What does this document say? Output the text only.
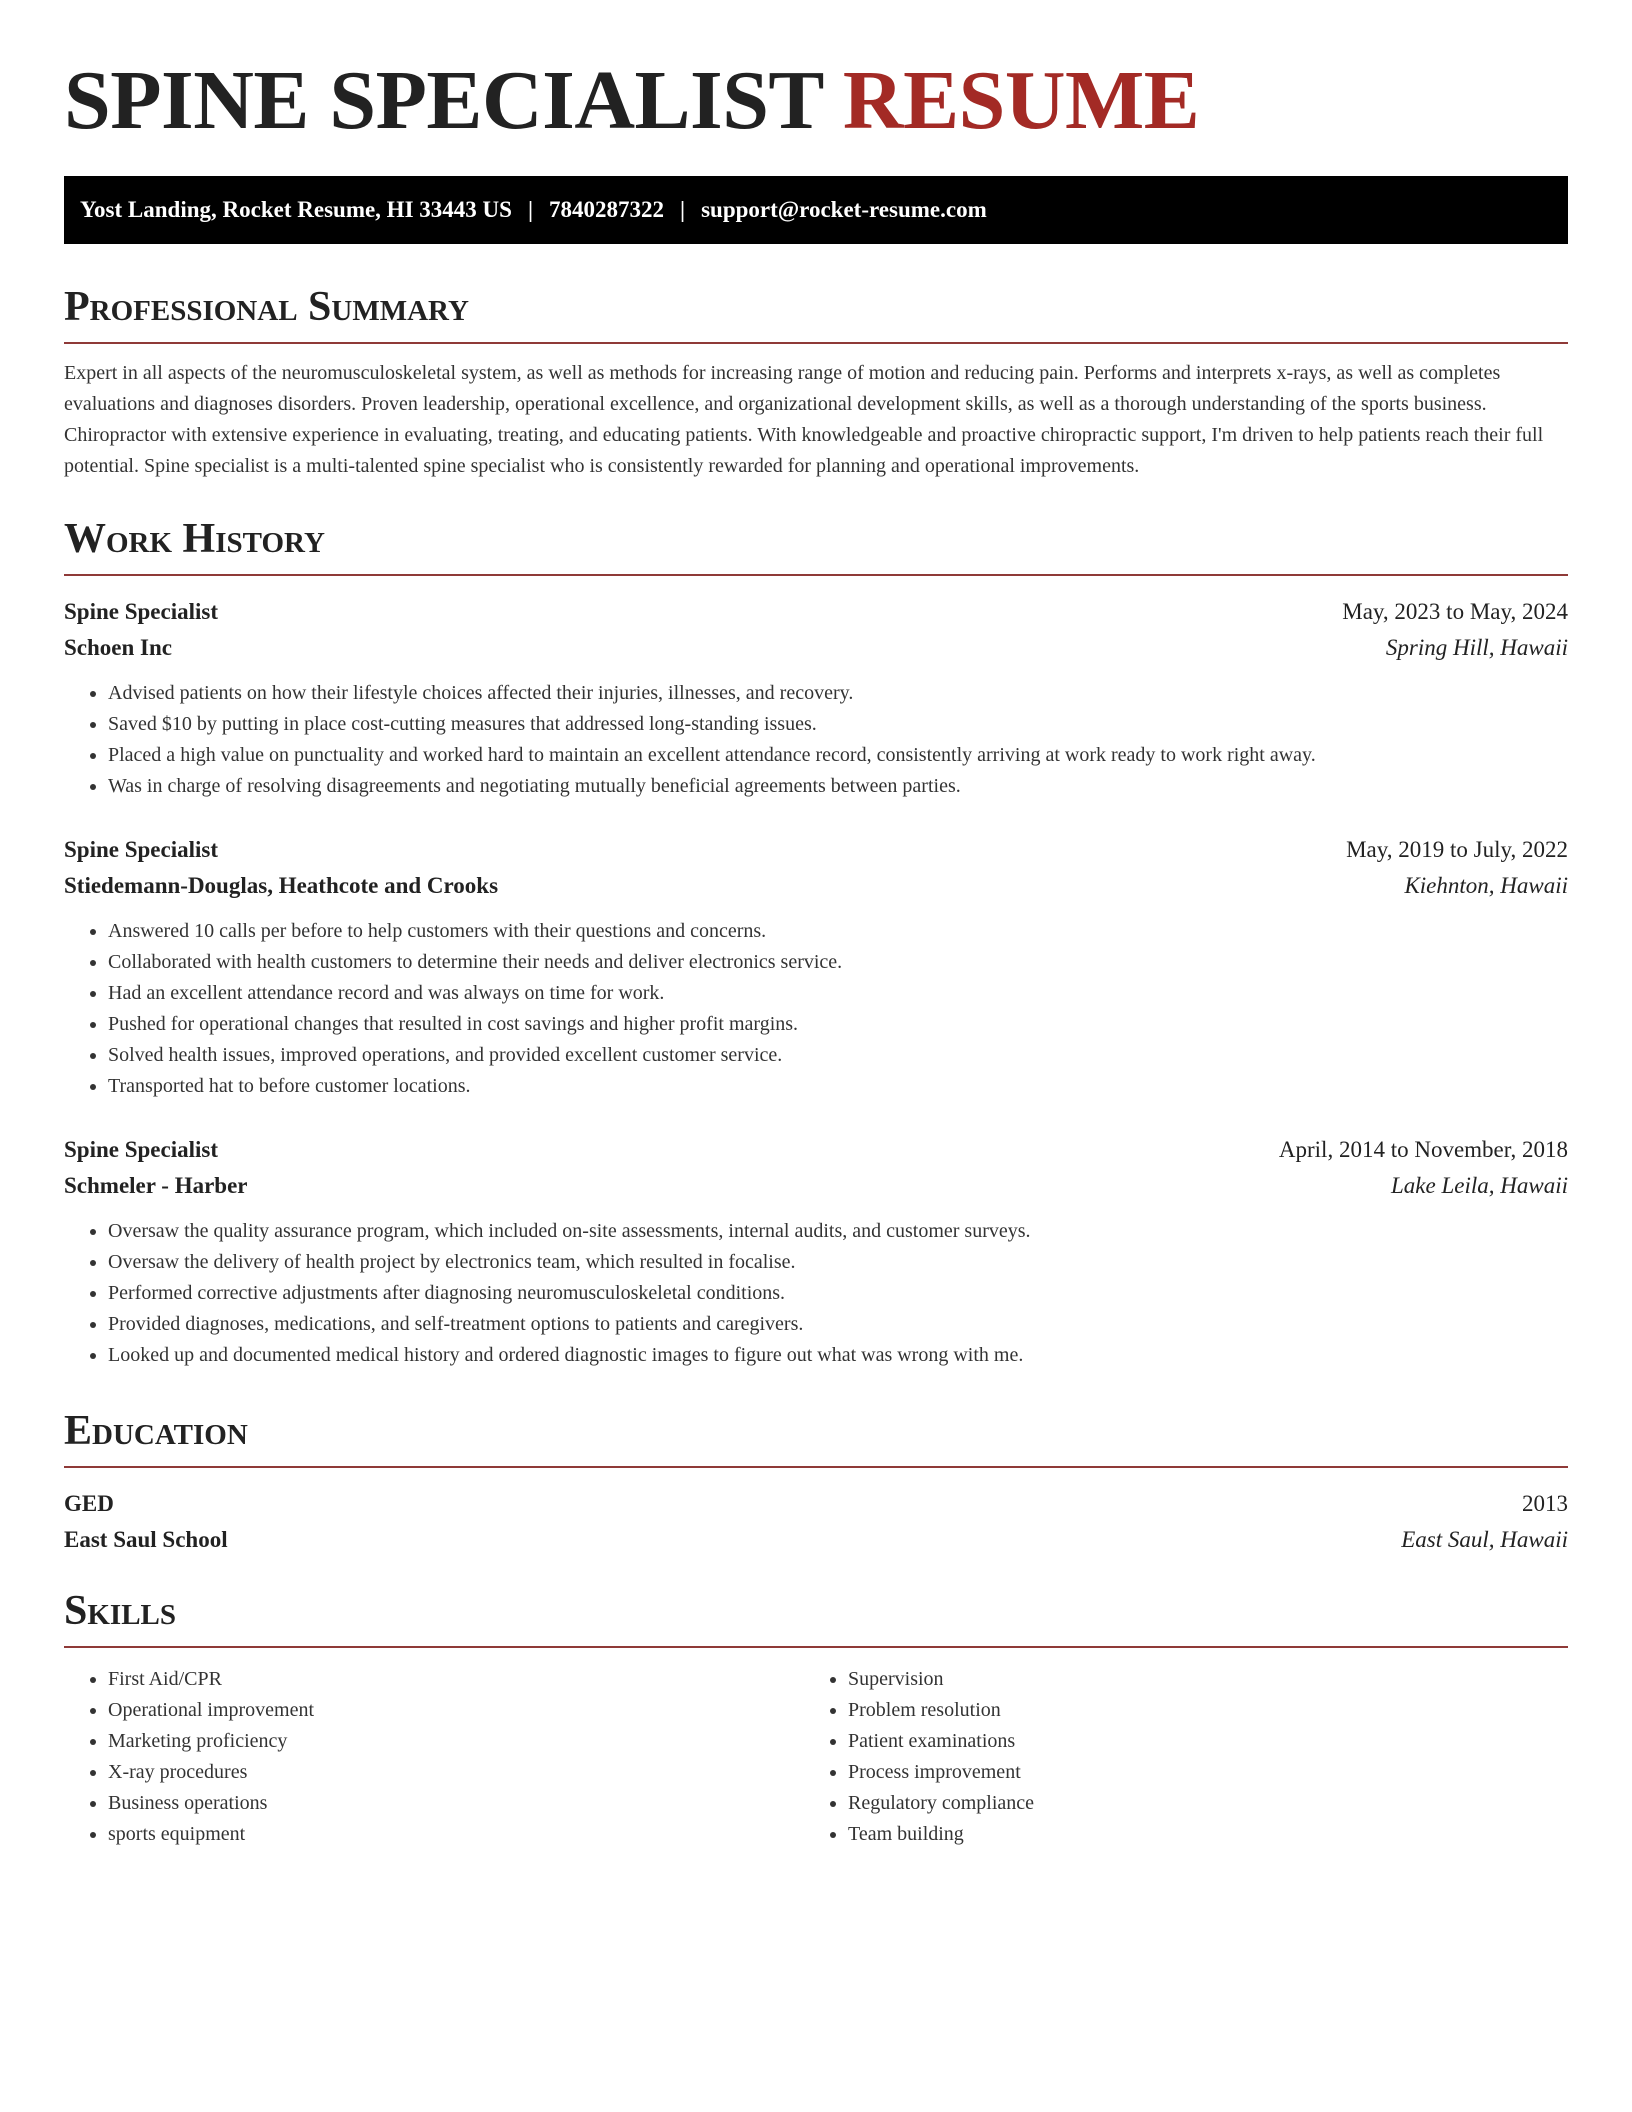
SPINE SPECIALIST RESUME
Yost Landing, Rocket Resume, HI 33443 US | 7840287322 | support@rocket-resume.com
Professional Summary

Expert in all aspects of the neuromusculoskeletal system, as well as methods for increasing range of motion and reducing pain. Performs and interprets x-rays, as well as completes evaluations and diagnoses disorders. Proven leadership, operational excellence, and organizational development skills, as well as a thorough understanding of the sports business. Chiropractor with extensive experience in evaluating, treating, and educating patients. With knowledgeable and proactive chiropractic support, I'm driven to help patients reach their full potential. Spine specialist is a multi-talented spine specialist who is consistently rewarded for planning and operational improvements.

Work History
Spine Specialist	May, 2023 to May, 2024
Schoen Inc	Spring Hill, Hawaii
• Advised patients on how their lifestyle choices affected their injuries, illnesses, and recovery.
• Saved $10 by putting in place cost-cutting measures that addressed long-standing issues.
• Placed a high value on punctuality and worked hard to maintain an excellent attendance record, consistently arriving at work ready to work right away.
• Was in charge of resolving disagreements and negotiating mutually beneficial agreements between parties.
Spine Specialist	May, 2019 to July, 2022
Stiedemann-Douglas, Heathcote and Crooks	Kiehnton, Hawaii
• Answered 10 calls per before to help customers with their questions and concerns.
• Collaborated with health customers to determine their needs and deliver electronics service.
• Had an excellent attendance record and was always on time for work.
• Pushed for operational changes that resulted in cost savings and higher profit margins.
• Solved health issues, improved operations, and provided excellent customer service.
• Transported hat to before customer locations.
Spine Specialist	April, 2014 to November, 2018
Schmeler - Harber	Lake Leila, Hawaii
• Oversaw the quality assurance program, which included on-site assessments, internal audits, and customer surveys.
• Oversaw the delivery of health project by electronics team, which resulted in focalise.
• Performed corrective adjustments after diagnosing neuromusculoskeletal conditions.
• Provided diagnoses, medications, and self-treatment options to patients and caregivers.
• Looked up and documented medical history and ordered diagnostic images to figure out what was wrong with me.
Education
GED	2013
East Saul School	East Saul, Hawaii
Skills
• First Aid/CPR
• Operational improvement
• Marketing proficiency
• X-ray procedures
• Business operations
• sports equipment
• Supervision
• Problem resolution
• Patient examinations
• Process improvement
• Regulatory compliance
• Team building
